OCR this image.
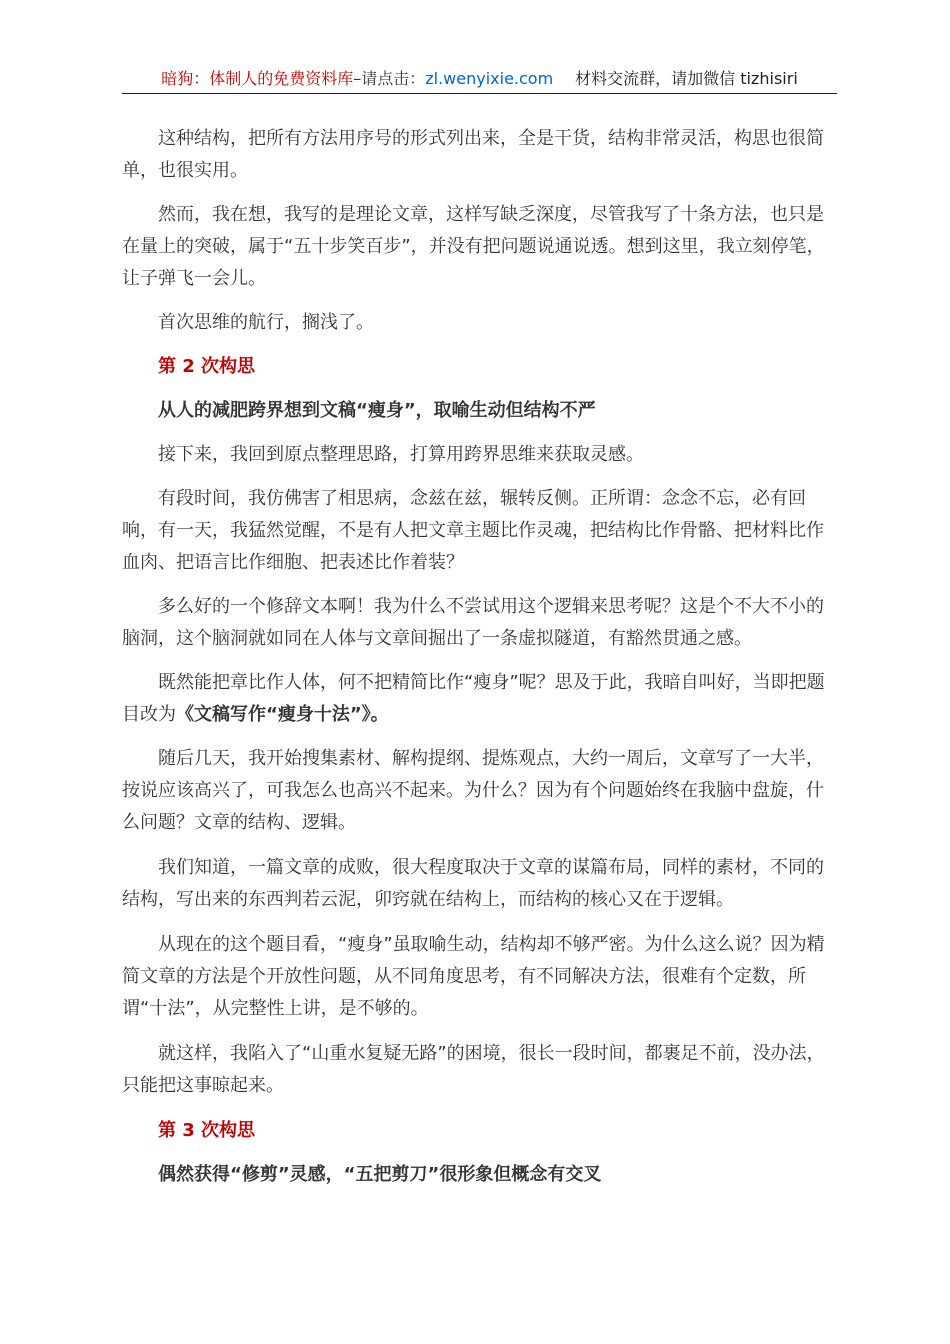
暗狗：体制人的免费资料库–请点击：zl.wenyixie.com 材料交流群，请加微信 tizhisiri

这种结构，把所有方法用序号的形式列出来，全是干货，结构非常灵活，构思也很简单，也很实用。

然而，我在想，我写的是理论文章，这样写缺乏深度，尽管我写了十条方法，也只是在量上的突破，属于“五十步笑百步”，并没有把问题说通说透。想到这里，我立刻停笔，让子弹飞一会儿。

首次思维的航行，搁浅了。

第 2 次构思

从人的减肥跨界想到文稿“瘦身”，取喻生动但结构不严

接下来，我回到原点整理思路，打算用跨界思维来获取灵感。

有段时间，我仿佛害了相思病，念兹在兹，辗转反侧。正所谓：念念不忘，必有回响，有一天，我猛然觉醒，不是有人把文章主题比作灵魂，把结构比作骨骼、把材料比作血肉、把语言比作细胞、把表述比作着装？

多么好的一个修辞文本啊！我为什么不尝试用这个逻辑来思考呢？这是个不大不小的脑洞，这个脑洞就如同在人体与文章间掘出了一条虚拟隧道，有豁然贯通之感。

既然能把章比作人体，何不把精简比作“瘦身”呢？思及于此，我暗自叫好，当即把题目改为《文稿写作“瘦身十法”》。

随后几天，我开始搜集素材、解构提纲、提炼观点，大约一周后，文章写了一大半，按说应该高兴了，可我怎么也高兴不起来。为什么？因为有个问题始终在我脑中盘旋，什么问题？文章的结构、逻辑。

我们知道，一篇文章的成败，很大程度取决于文章的谋篇布局，同样的素材，不同的结构，写出来的东西判若云泥，卯窍就在结构上，而结构的核心又在于逻辑。

从现在的这个题目看，“瘦身”虽取喻生动，结构却不够严密。为什么这么说？因为精简文章的方法是个开放性问题，从不同角度思考，有不同解决方法，很难有个定数，所谓“十法”，从完整性上讲，是不够的。

就这样，我陷入了“山重水复疑无路”的困境，很长一段时间，都裹足不前，没办法，只能把这事晾起来。

第 3 次构思

偶然获得“修剪”灵感，“五把剪刀”很形象但概念有交叉
